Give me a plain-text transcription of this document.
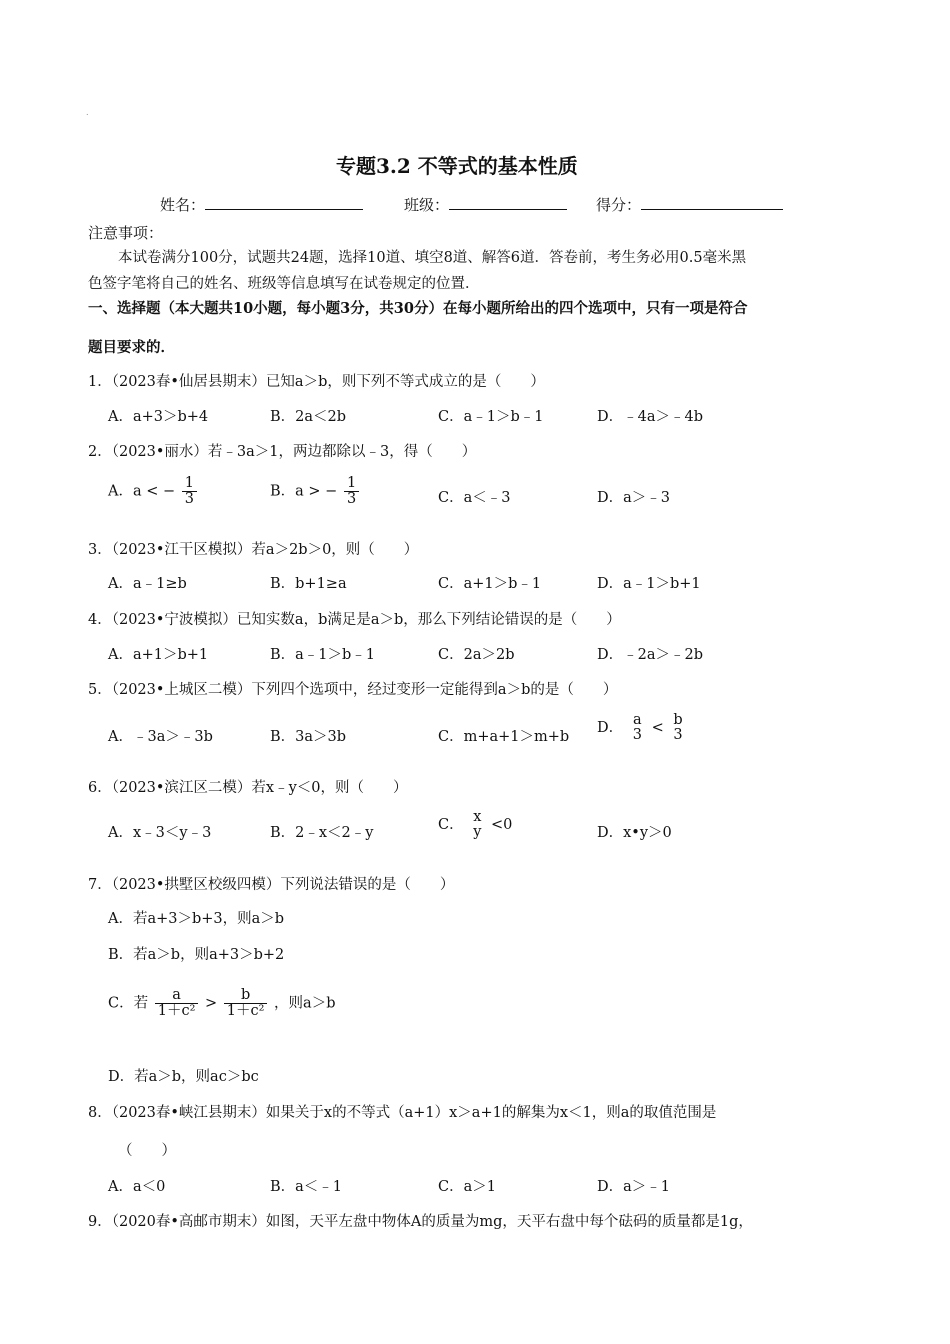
.
专题3.2 不等式的基本性质
姓名：	班级：	得分：
注意事项：
本试卷满分100分，试题共24题，选择10道、填空8道、解答6道．答卷前，考生务必用0.5毫米黑
色签字笔将自己的姓名、班级等信息填写在试卷规定的位置．
一、选择题（本大题共10小题，每小题3分，共30分）在每小题所给出的四个选项中，只有一项是符合
题目要求的．
1．（2023春•仙居县期末）已知a＞b，则下列不等式成立的是（　　）
A．a+3＞b+4	B．2a＜2b	C．a﹣1＞b﹣1	D．﹣4a＞﹣4b
2．（2023•丽水）若﹣3a＞1，两边都除以﹣3，得（　　）
A．a < − $\frac{1}{3}$	B．a > − $\frac{1}{3}$	C．a＜﹣3	D．a＞﹣3
3．（2023•江干区模拟）若a＞2b＞0，则（　　）
A．a﹣1≥b	B．b+1≥a	C．a+1＞b﹣1	D．a﹣1＞b+1
4．（2023•宁波模拟）已知实数a，b满足是a＞b，那么下列结论错误的是（　　）
A．a+1＞b+1	B．a﹣1＞b﹣1	C．2a＞2b	D．﹣2a＞﹣2b
5．（2023•上城区二模）下列四个选项中，经过变形一定能得到a＞b的是（　　）
A．﹣3a＞﹣3b	B．3a＞3b	C．m+a+1＞m+b
D．
a
3 <
b
3
6．（2023•滨江区二模）若x﹣y＜0，则（　　）
A．x﹣3＜y﹣3	B．2﹣x＜2﹣y	C．
x
y <0	D．x•y＞0
7．（2023•拱墅区校级四模）下列说法错误的是（　　）
A．若a+3＞b+3，则a＞b
B．若a＞b，则a+3＞b+2
C．若 $\frac{a}{\text{1＋c²}} > \frac{b}{\text{1＋c²}}$ ，则a＞b
D．若a＞b，则ac＞bc
8．（2023春•峡江县期末）如果关于x的不等式（a+1）x＞a+1的解集为x＜1，则a的取值范围是
（　　）
A．a＜0	B．a＜﹣1	C．a＞1	D．a＞﹣1
9．（2020春•高邮市期末）如图，天平左盘中物体A的质量为mg，天平右盘中每个砝码的质量都是1g，
